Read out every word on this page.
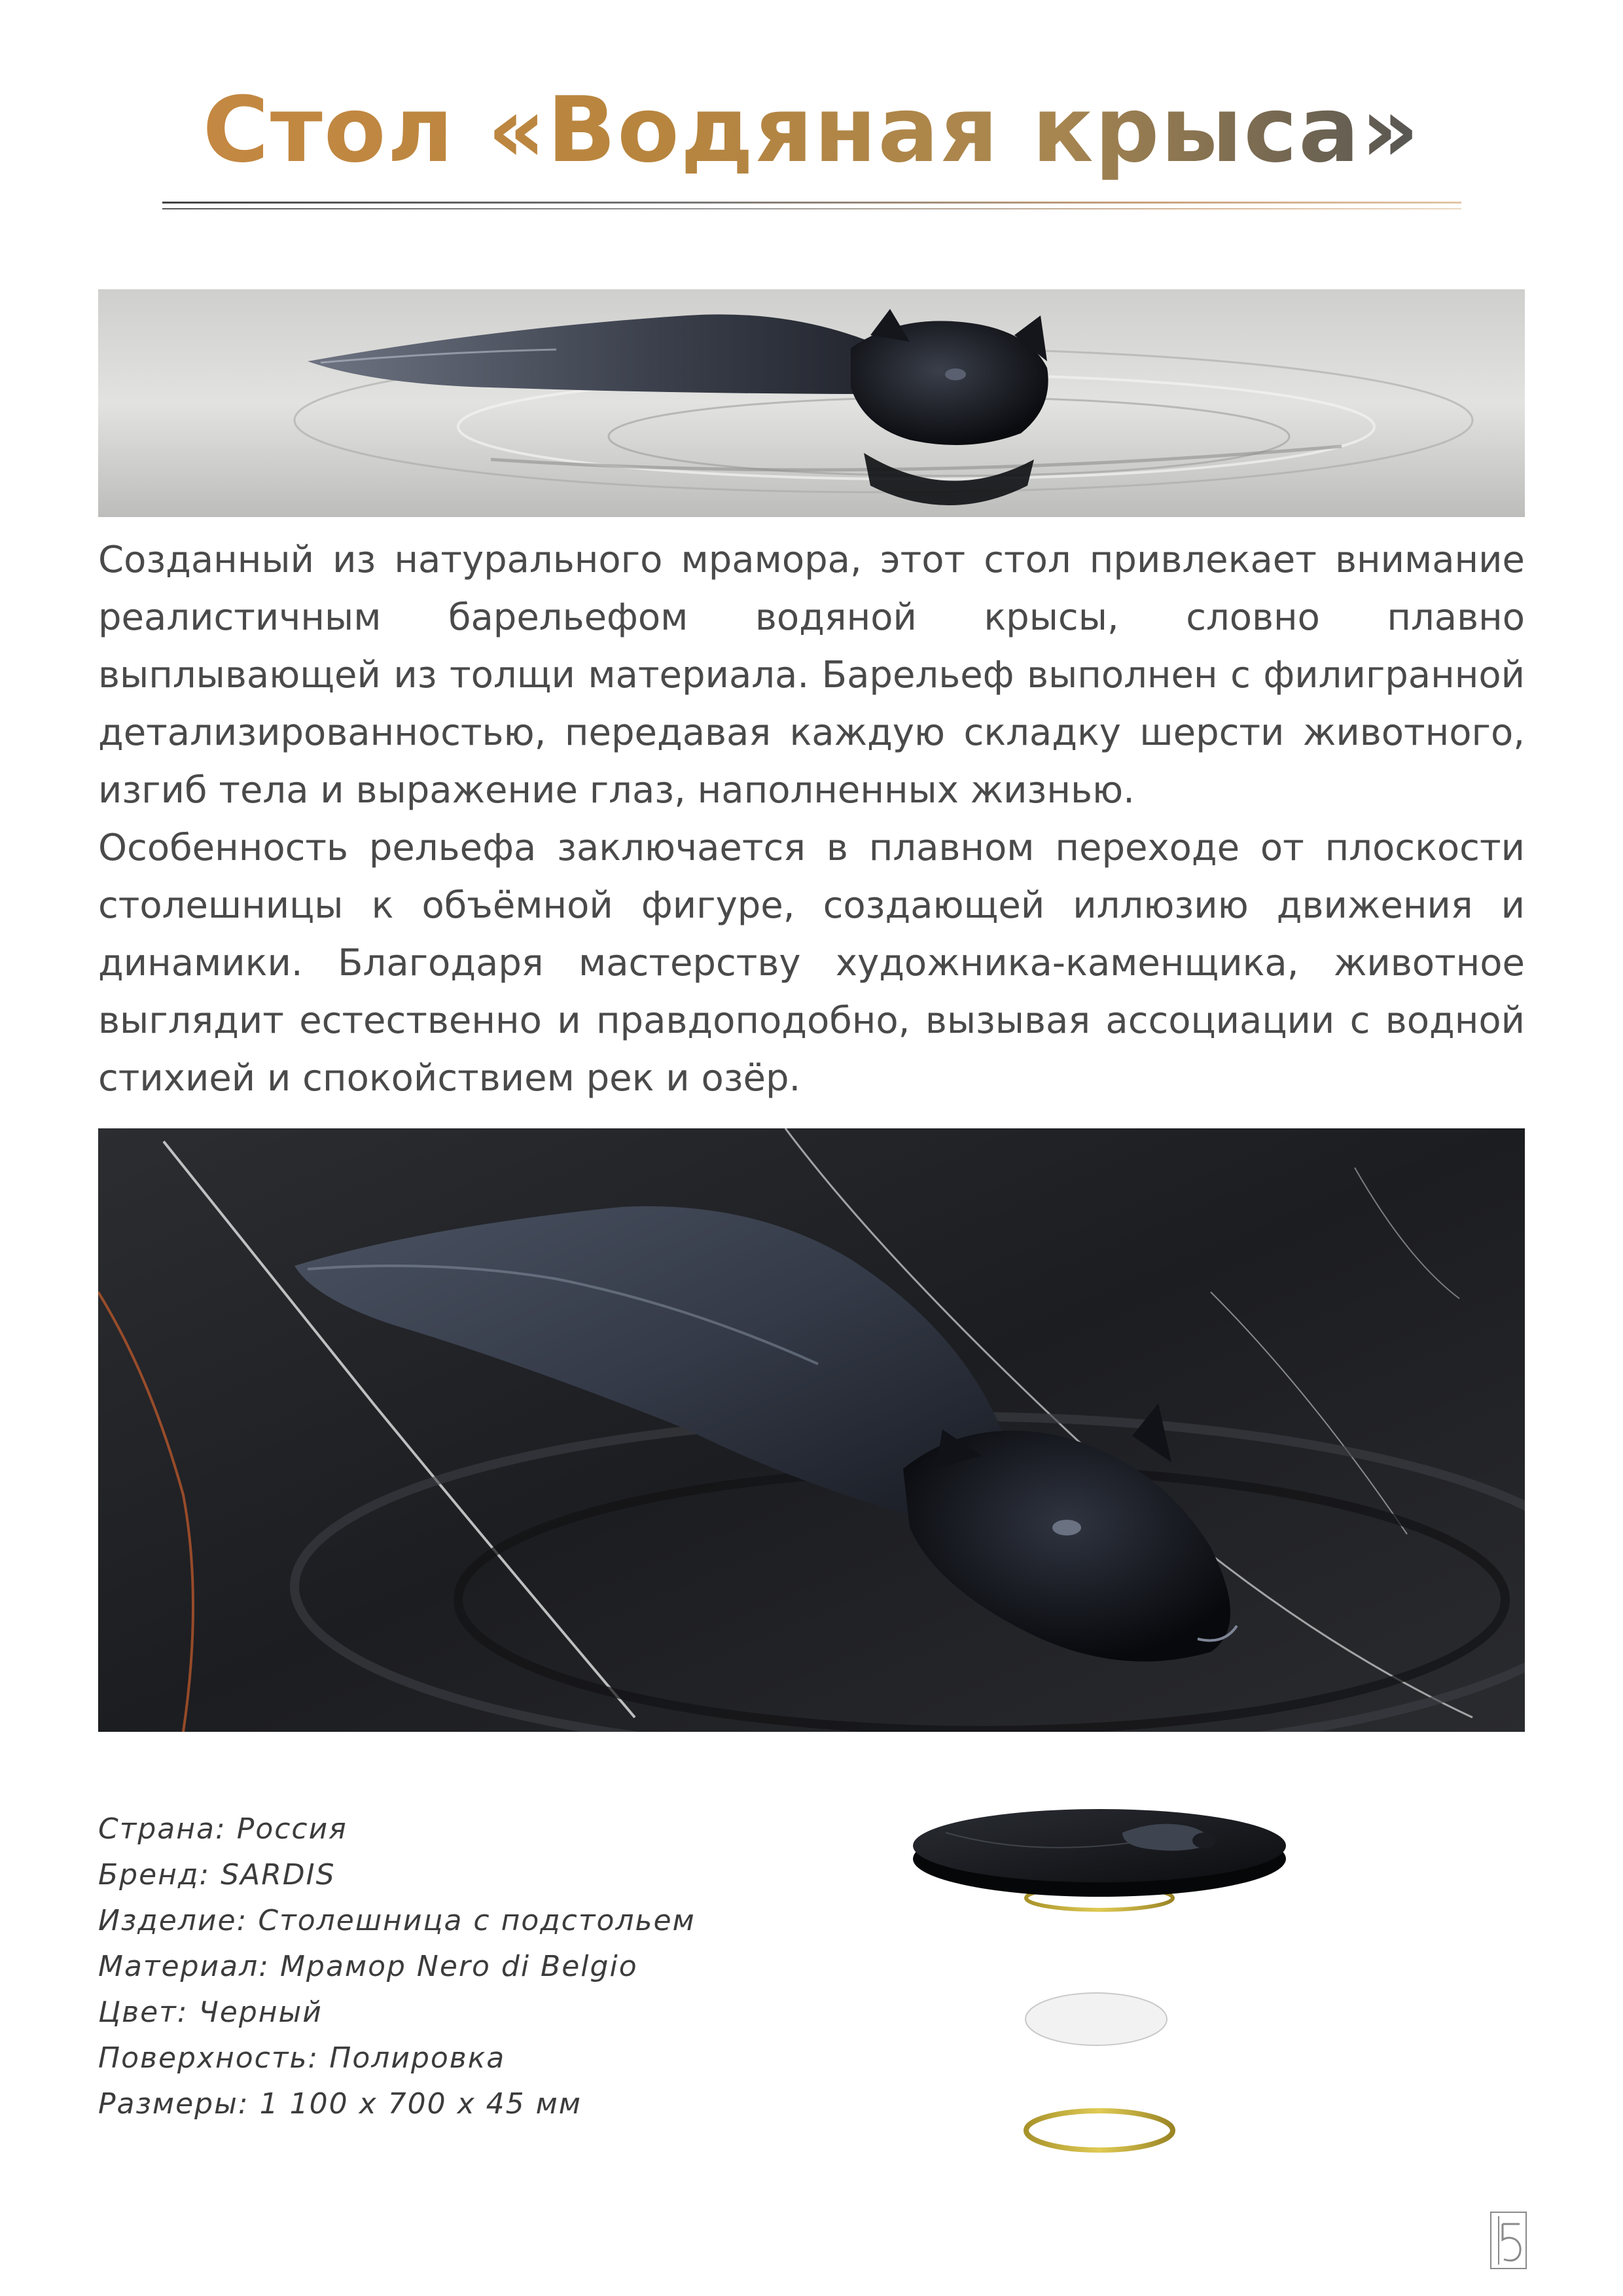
Стол «Водяная крыса»

Созданный из натурального мрамора, этот стол привлекает внимание реалистичным барельефом водяной крысы, словно плавно выплывающей из толщи материала. Барельеф выполнен с филигранной детализированностью, передавая каждую складку шерсти животного, изгиб тела и выражение глаз, наполненных жизнью.

Особенность рельефа заключается в плавном переходе от плоскости столешницы к объёмной фигуре, создающей иллюзию движения и динамики. Благодаря мастерству художника-каменщика, животное выглядит естественно и правдоподобно, вызывая ассоциации с водной стихией и спокойствием рек и озёр.

Страна: Россия
Бренд: SARDIS
Изделие: Столешница с подстольем
Материал: Мрамор Nero di Belgio
Цвет: Черный
Поверхность: Полировка
Размеры: 1 100 х 700 х 45 мм
